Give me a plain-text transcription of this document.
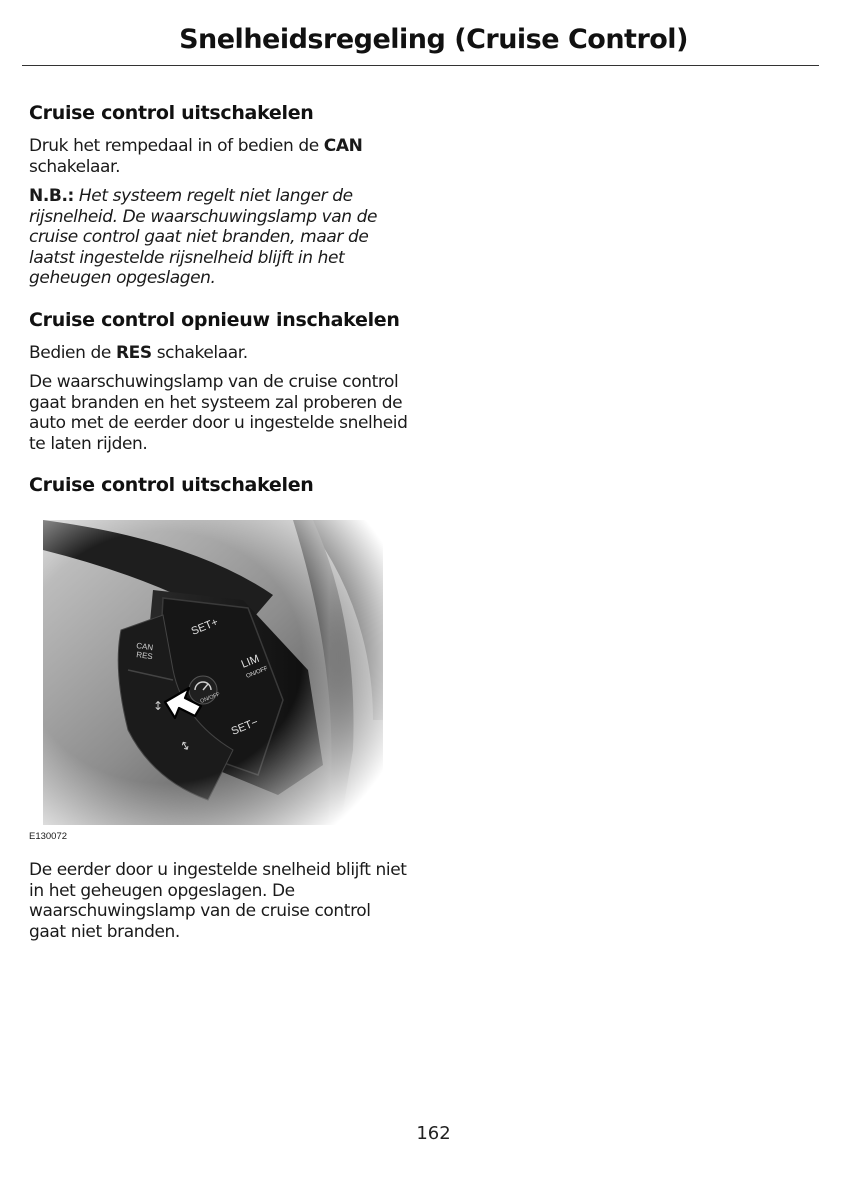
Snelheidsregeling (Cruise Control)
Cruise control uitschakelen

Druk het rempedaal in of bedien de CAN schakelaar.

N.B.: Het systeem regelt niet langer de rijsnelheid. De waarschuwingslamp van de cruise control gaat niet branden, maar de laatst ingestelde rijsnelheid blijft in het geheugen opgeslagen.

Cruise control opnieuw inschakelen

Bedien de RES schakelaar.

De waarschuwingslamp van de cruise control gaat branden en het systeem zal proberen de auto met de eerder door u ingestelde snelheid te laten rijden.

Cruise control uitschakelen
E130072

De eerder door u ingestelde snelheid blijft niet in het geheugen opgeslagen. De waarschuwingslamp van de cruise control gaat niet branden.

162
